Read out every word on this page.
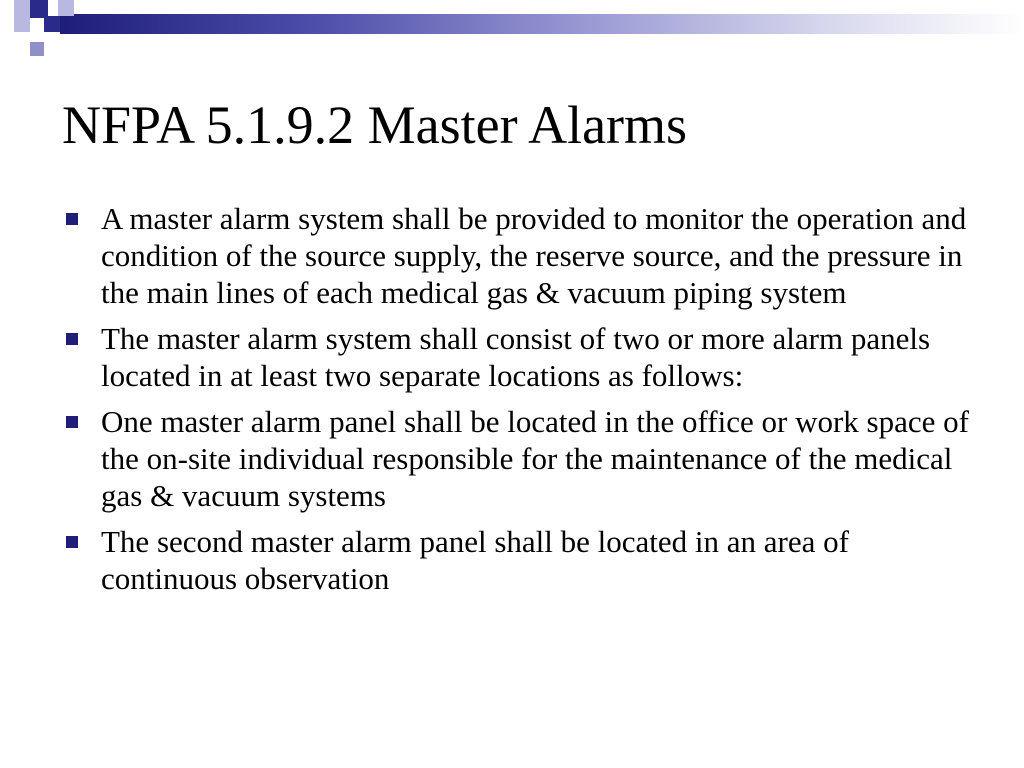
NFPA 5.1.9.2 Master Alarms
A master alarm system shall be provided to monitor the operation and condition of the source supply, the reserve source, and the pressure in the main lines of each medical gas & vacuum piping system
The master alarm system shall consist of two or more alarm panels located in at least two separate locations as follows:
One master alarm panel shall be located in the office or work space of the on-site individual responsible for the maintenance of the medical gas & vacuum systems
The second master alarm panel shall be located in an area of continuous observation
